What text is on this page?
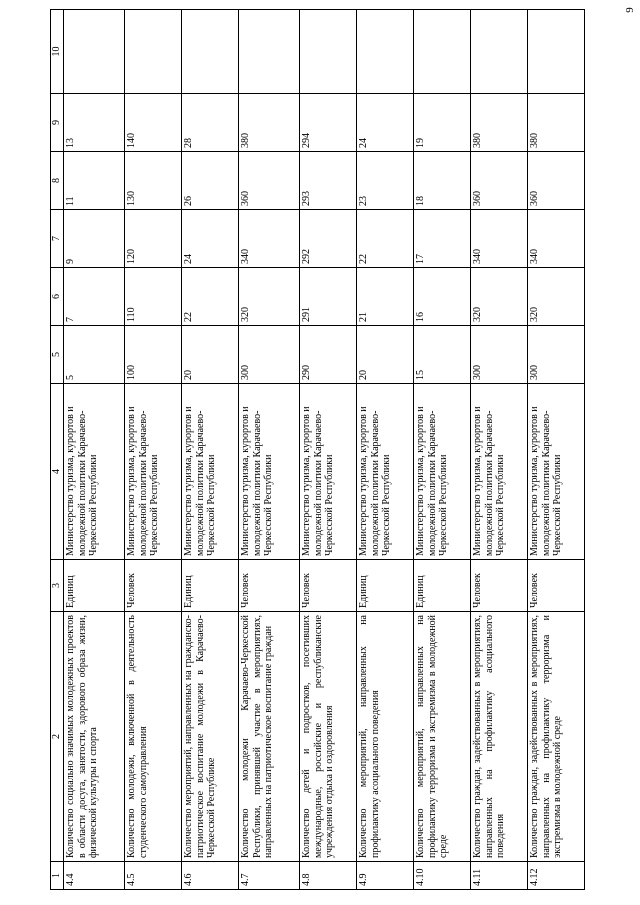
9
1	2	3	4	5	6	7	8	9	10
4.4	Количество социально значимых молодежных проектов в области досуга, занятости, здорового образа жизни, физической культуры и спорта	Единиц	Министерство туризма, курортов и молодежной политики Карачаево-Черкесской Республики	5	7	9	11	13	
4.5	Количество молодежи, включенной в деятельность студенческого самоуправления	Человек	Министерство туризма, курортов и молодежной политики Карачаево-Черкесской Республики	100	110	120	130	140	
4.6	Количество мероприятий, направленных на гражданско-патриотическое воспитание молодежи в Карачаево-Черкесской Республике	Единиц	Министерство туризма, курортов и молодежной политики Карачаево-Черкесской Республики	20	22	24	26	28	
4.7	Количество молодежи Карачаево-Черкесской Республики, принявшей участие в мероприятиях, направленных на патриотическое воспитание граждан	Человек	Министерство туризма, курортов и молодежной политики Карачаево-Черкесской Республики	300	320	340	360	380	
4.8	Количество детей и подростков, посетивших международные, российские и республиканские учреждения отдыха и оздоровления	Человек	Министерство туризма, курортов и молодежной политики Карачаево-Черкесской Республики	290	291	292	293	294	
4.9	Количество мероприятий, направленных на профилактику асоциального поведения	Единиц	Министерство туризма, курортов и молодежной политики Карачаево-Черкесской Республики	20	21	22	23	24	
4.10	Количество мероприятий, направленных на профилактику терроризма и экстремизма в молодежной среде	Единиц	Министерство туризма, курортов и молодежной политики Карачаево-Черкесской Республики	15	16	17	18	19	
4.11	Количество граждан, задействованных в мероприятиях, направленных на профилактику асоциального поведения	Человек	Министерство туризма, курортов и молодежной политики Карачаево-Черкесской Республики	300	320	340	360	380	
4.12	Количество граждан, задействованных в мероприятиях, направленных на профилактику терроризма и экстремизма в молодежной среде	Человек	Министерство туризма, курортов и молодежной политики Карачаево-Черкесской Республики	300	320	340	360	380	
